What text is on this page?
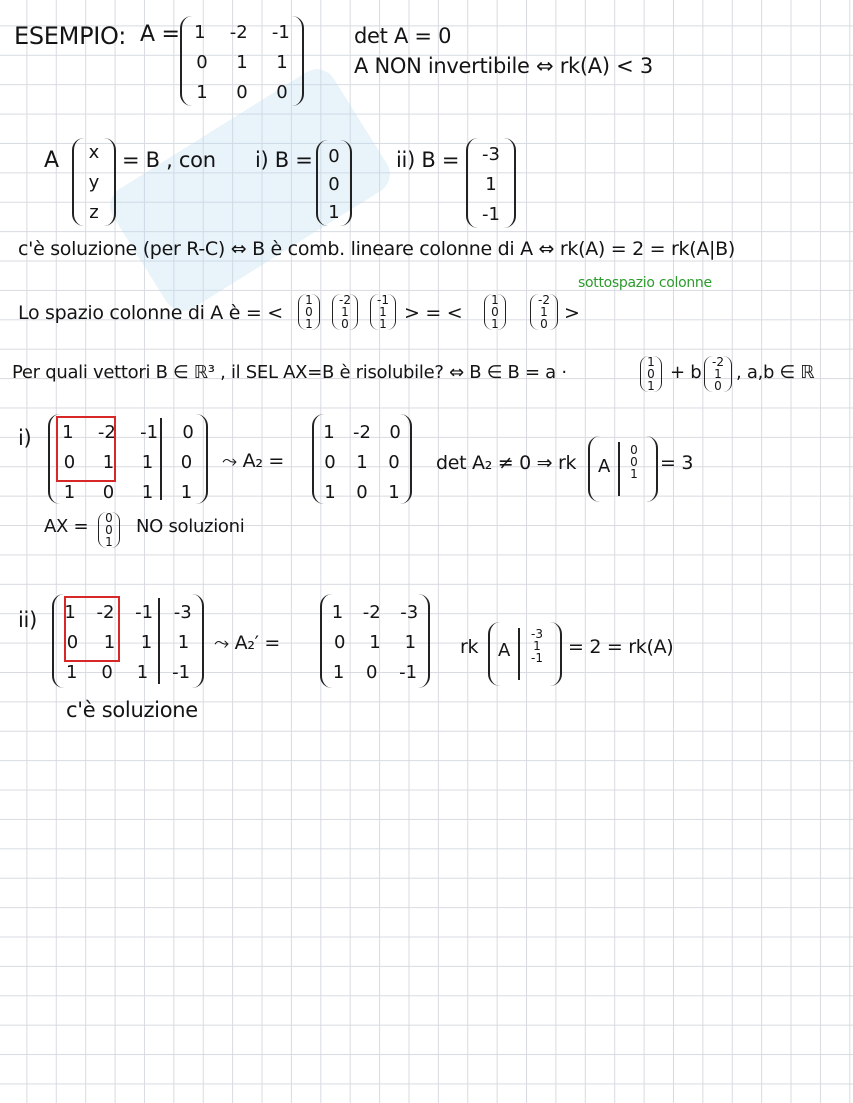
ESEMPIO: A = 1 -2 -1
0 1 1
1 0 0
det A = 0
A NON invertibile ⇔ rk(A) < 3
A x
y
z
= B , con i) B = 0
0
1
ii) B = -3
1
-1
c'è soluzione (per R-C) ⇔ B è comb. lineare colonne di A ⇔ rk(A) = 2 = rk(A|B)
sottospazio colonne
Lo spazio colonne di A è = <
1
0
1
-2
1
0
-1
1
1 > = <
1
0
1
-2
1
0 >
Per quali vettori B ∈ ℝ³ , il SEL AX=B è risolubile? ⇔ B ∈ B = a ·	1
0
1
+ b -2
1
0
, a,b ∈ ℝ
i) 1 -2 -1 0
0 1 1 0
1 0 1 1
⤳ A₂ =
1 -2 0
0 1 0
1 0 1
det A₂ ≠ 0 ⇒ rk A
0
0
1	= 3
AX =	0
0
1
NO soluzioni
ii) 1 -2 -1 -3
0 1 1 1
1 0 1 -1
⤳ A₂′ =
1 -2 -3
0 1 1
1 0 -1
rk A
-3
1
-1	= 2 = rk(A)
c'è soluzione
